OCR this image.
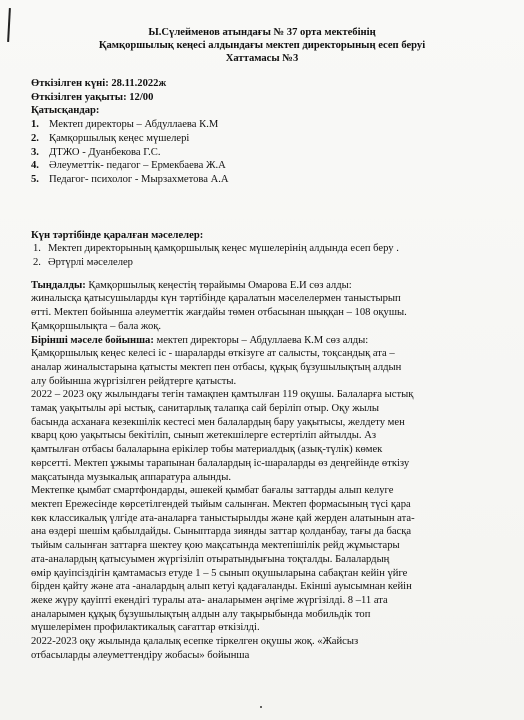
Ы.Сүлейменов атындағы № 37 орта мектебінің
Қамқоршылық кеңесі алдындағы мектеп директорының есеп беруі
Хаттамасы №3
Өткізілген күні: 28.11.2022ж
Өткізілген уақыты: 12/00
Қатысқандар:
1. Мектеп директоры – Абдуллаева К.М
2. Қамқоршылық кеңес мүшелері
3. ДТЖО - Дуанбекова Г.С.
4. Әлеуметтік- педагог – Ермекбаева Ж.А
5. Педагог- психолог - Мырзахметова А.А
Күн тәртібінде қаралған мәселелер:
1. Мектеп директорының қамқоршылық кеңес мүшелерінің алдында есеп беру .
2. Әртүрлі мәселелер
Тыңдалды: Қамқоршылық кеңестің төрайымы Омарова Е.И сөз алды:
жиналысқа қатысушыларды күн тәртібінде қаралатын мәселелермен таныстырып
өтті. Мектеп бойынша әлеуметтік жағдайы төмен отбасынан шыққан – 108 оқушы.
Қамқоршылықта – бала жоқ.
Бірінші мәселе бойынша: мектеп директоры – Абдуллаева К.М сөз алды:
Қамқоршылық кеңес келесі іс - шараларды өткізуге ат салысты, тоқсандық ата –
аналар жиналыстарына қатысты мектеп пен отбасы, құқық бұзушылықтың алдын
алу бойынша жүргізілген рейдтерге қатысты.
2022 – 2023 оқу жылындағы тегін тамақпен қамтылған 119 оқушы. Балаларға ыстық
тамақ уақытылы әрі ыстық, санитарлық талапқа сай беріліп отыр. Оқу жылы
басында асханаға кезекшілік кестесі мен балалардың бару уақытысы, желдету мен
кварц қою уақытысы бекітіліп, сынып жетекшілерге естертіліп айтылды. Аз
қамтылған отбасы балаларына ерікілер тобы материалдық (азық-түлік) көмек
көрсетті. Мектеп ұжымы тарапынан балалардың іс-шараларды өз деңгейінде өткізу
мақсатында музыкалық аппаратура алынды.
Мектепке қымбат смартфондарды, әшекей қымбат бағалы заттарды алып келуге
мектеп Ережесінде көрсетілгендей тыйым салынған. Мектеп формасының түсі қара
көк классикалық үлгіде ата-аналарға таныстырылды және қай жерден алатынын ата-
ана өздері шешім қабылдайды. Сыныптарда зиянды заттар қолданбау, тағы да басқа
тыйым салынған заттарға шектеу қою мақсатында мектепішілік рейд жұмыстары
ата-аналардың қатысуымен жүргізіліп отыратындығына тоқталды. Балалардың
өмір қауіпсіздігін қамтамасыз етуде 1 – 5 сынып оқушыларына сабақтан кейін үйге
бірден қайту және ата -аналардың алып кетуі қадағаланды. Екінші ауысымнан кейін
жеке жүру қауіпті екендігі туралы ата- аналарымен әңгіме жүргізілді. 8 –11 ата
аналарымен құқық бұзушылықтың алдын алу тақырыбында мобильдік топ
мүшелерімен профилактикалық сағаттар өткізілді.
2022-2023 оқу жылында қалалық есепке тіркелген оқушы жоқ. «Жайсыз
отбасыларды әлеуметтендіру жобасы» бойынша
